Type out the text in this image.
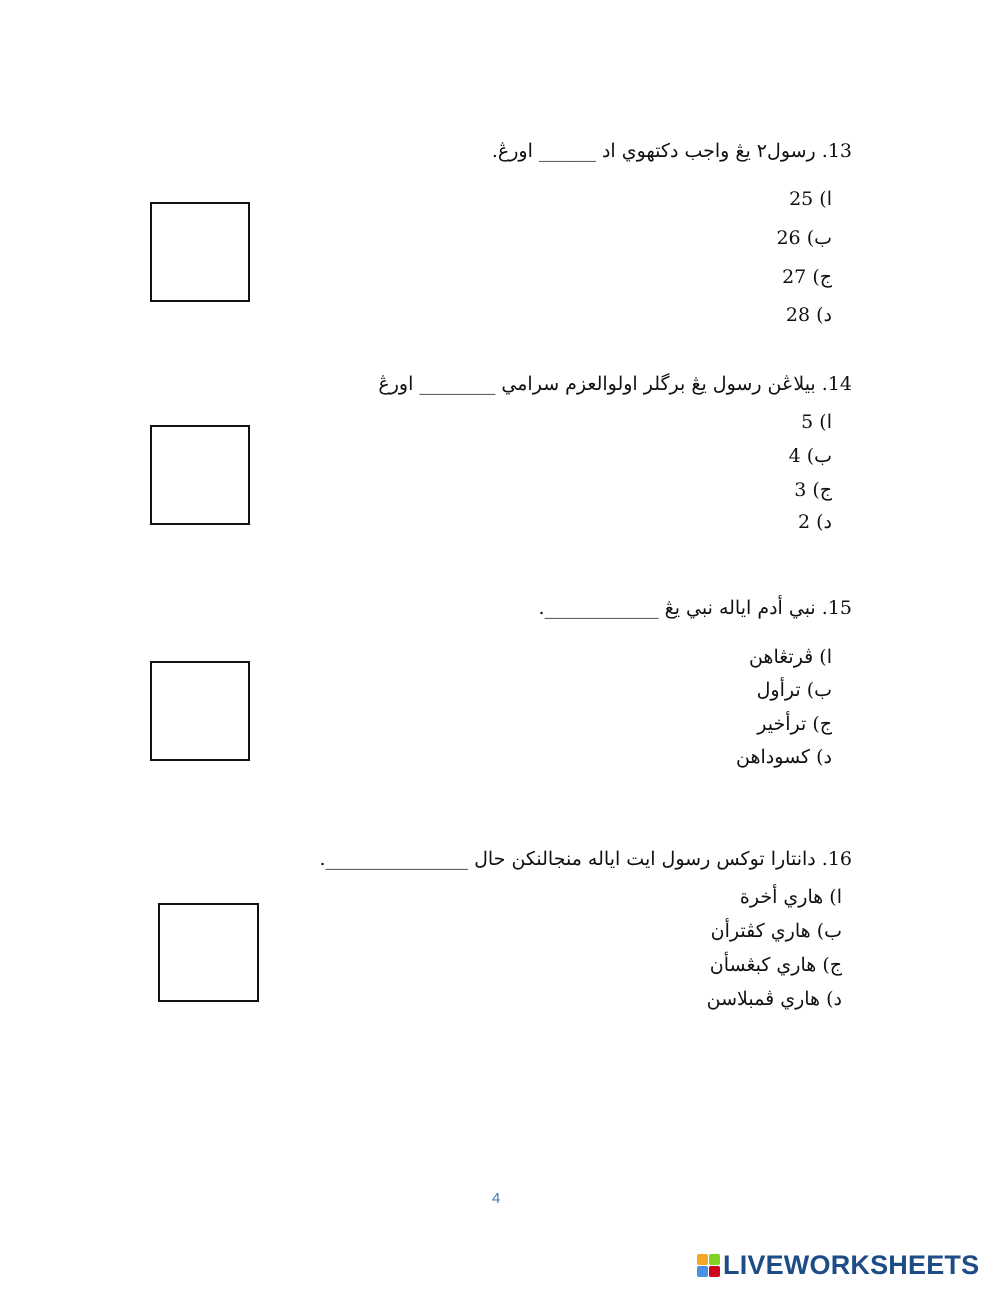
13. رسول٢ يڠ واجب دکتهوي اد ______ اورڠ.
ا) 25
ب) 26
ج) 27
د) 28
14. بيلاڠن رسول يڠ برگلر اولوالعزم سرامي ________ اورڠ
ا) 5
ب) 4
ج) 3
د) 2
15. نبي أدم اياله نبي يڠ ____________.
ا) ڤرتڠاهن
ب) ترأول
ج) ترأخير
د) کسوداهن
16. دانتارا توکس رسول ايت اياله منجالنکن حال _______________.
ا) هاري أخرة
ب) هاري کڤترأن
ج) هاري کبڠسأن
د) هاري ڤمبلاسن
4
LIVEWORKSHEETS
